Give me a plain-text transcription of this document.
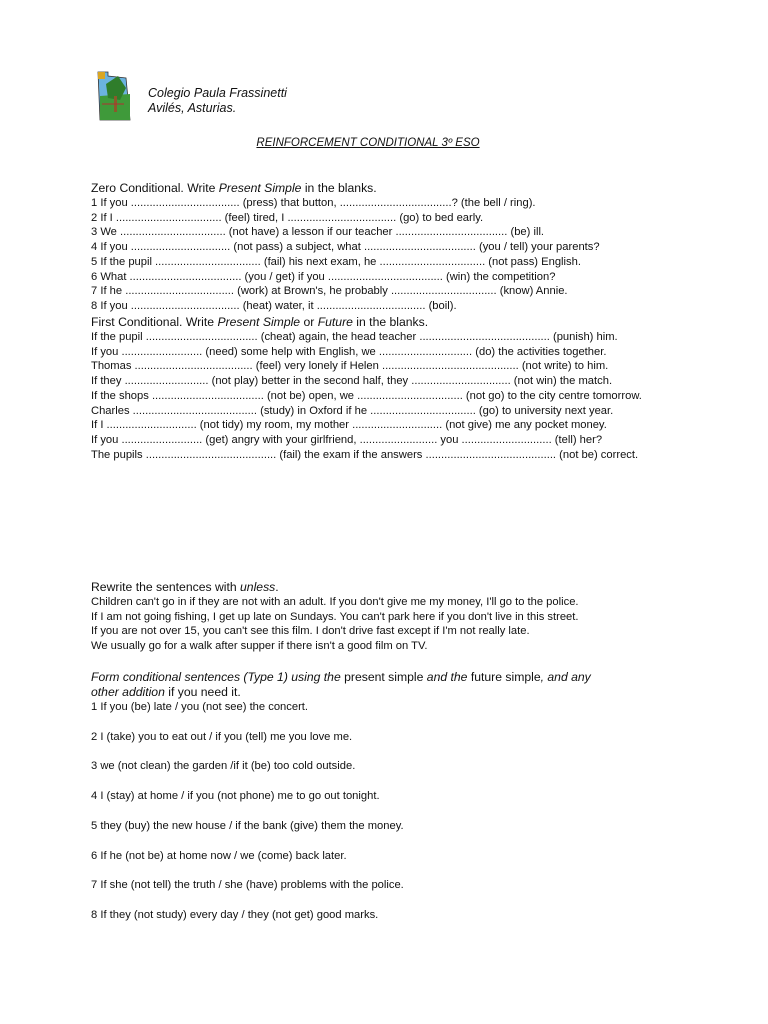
Colegio Paula Frassinetti
Avilés, Asturias.
REINFORCEMENT CONDITIONAL 3º ESO
Zero Conditional. Write Present Simple in the blanks.
1 If you ................................... (press) that button, ....................................? (the bell / ring).
2 If I .................................. (feel) tired, I ................................... (go) to bed early.
3 We .................................. (not have) a lesson if our teacher .................................... (be) ill.
4 If you ................................ (not pass) a subject, what .................................... (you / tell) your parents?
5 If the pupil .................................. (fail) his next exam, he .................................. (not pass) English.
6 What .................................... (you / get) if you ..................................... (win) the competition?
7 If he ................................... (work) at Brown's, he probably .................................. (know) Annie.
8 If you ................................... (heat) water, it ................................... (boil).
First Conditional. Write Present Simple or Future in the blanks.
If the pupil .................................... (cheat) again, the head teacher .......................................... (punish) him.
If you .......................... (need) some help with English, we .............................. (do) the activities together.
Thomas ...................................... (feel) very lonely if Helen ............................................ (not write) to him.
If they ........................... (not play) better in the second half, they ................................ (not win) the match.
If the shops .................................... (not be) open, we .................................. (not go) to the city centre tomorrow.
Charles ........................................ (study) in Oxford if he .................................. (go) to university next year.
If I ............................. (not tidy) my room, my mother ............................. (not give) me any pocket money.
If you .......................... (get) angry with your girlfriend, ......................... you ............................. (tell) her?
The pupils .......................................... (fail) the exam if the answers .......................................... (not be) correct.
Rewrite the sentences with unless.
Children can't go in if they are not with an adult. If you don't give me my money, I'll go to the police.
If I am not going fishing, I get up late on Sundays. You can't park here if you don't live in this street.
If you are not over 15, you can't see this film. I don't drive fast except if I'm not really late.
We usually go for a walk after supper if there isn't a good film on TV.
Form conditional sentences (Type 1) using the present simple and the future simple, and any
other addition if you need it.
1 If you (be) late / you (not see) the concert.
2 I (take) you to eat out / if you (tell) me you love me.
3 we (not clean) the garden /if it (be) too cold outside.
4 I (stay) at home / if you (not phone) me to go out tonight.
5 they (buy) the new house / if the bank (give) them the money.
6 If he (not be) at home now / we (come) back later.
7 If she (not tell) the truth / she (have) problems with the police.
8 If they (not study) every day / they (not get) good marks.
